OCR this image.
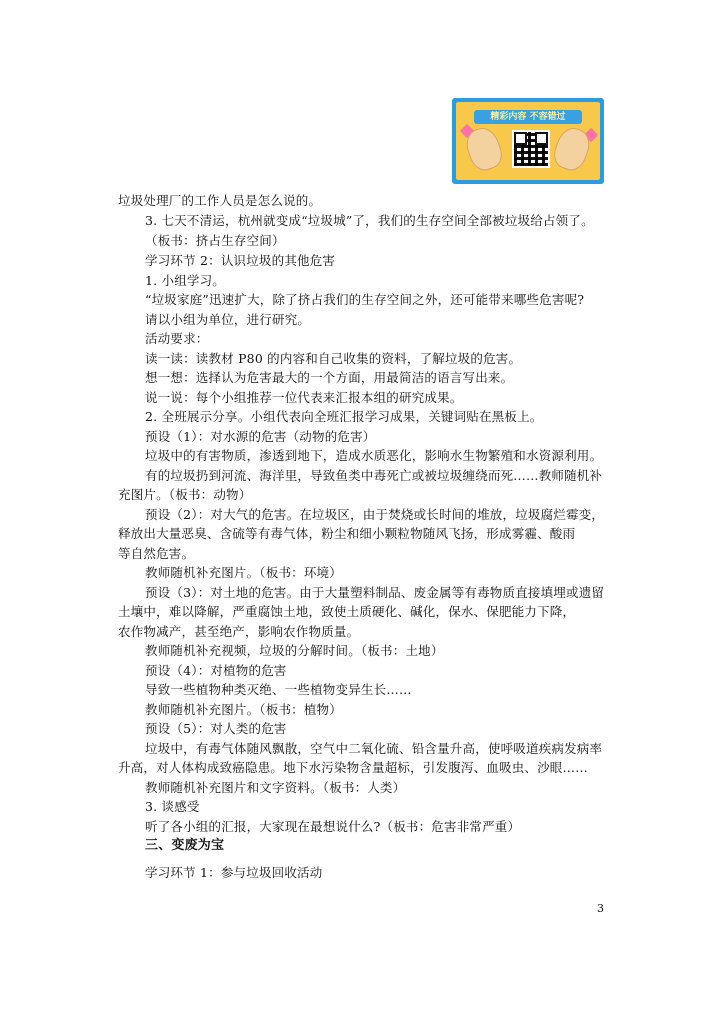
精彩内容 不容错过
垃圾处理厂的工作人员是怎么说的。
3. 七天不清运，杭州就变成“垃圾城”了，我们的生存空间全部被垃圾给占领了。
（板书：挤占生存空间）
学习环节 2：认识垃圾的其他危害
1. 小组学习。
“垃圾家庭”迅速扩大，除了挤占我们的生存空间之外，还可能带来哪些危害呢?
请以小组为单位，进行研究。
活动要求：
读一读：读教材 P80 的内容和自己收集的资料，了解垃圾的危害。
想一想：选择认为危害最大的一个方面，用最简洁的语言写出来。
说一说：每个小组推荐一位代表来汇报本组的研究成果。
2. 全班展示分享。小组代表向全班汇报学习成果，关键词贴在黑板上。
预设（1）：对水源的危害（动物的危害）
垃圾中的有害物质，渗透到地下，造成水质恶化，影响水生物繁殖和水资源利用。
有的垃圾扔到河流、海洋里，导致鱼类中毒死亡或被垃圾缠绕而死……教师随机补
充图片。（板书：动物）
预设（2）：对大气的危害。在垃圾区，由于焚烧或长时间的堆放，垃圾腐烂霉变，
释放出大量恶臭、含硫等有毒气体，粉尘和细小颗粒物随风飞扬，形成雾霾、酸雨
等自然危害。
教师随机补充图片。（板书：环境）
预设（3）：对土地的危害。由于大量塑料制品、废金属等有毒物质直接填埋或遗留
土壤中，难以降解，严重腐蚀土地，致使土质硬化、碱化，保水、保肥能力下降，
农作物减产，甚至绝产，影响农作物质量。
教师随机补充视频，垃圾的分解时间。（板书：土地）
预设（4）：对植物的危害
导致一些植物种类灭绝、一些植物变异生长……
教师随机补充图片。（板书：植物）
预设（5）：对人类的危害
垃圾中，有毒气体随风飘散，空气中二氧化硫、铅含量升高，使呼吸道疾病发病率
升高，对人体构成致癌隐患。地下水污染物含量超标，引发腹泻、血吸虫、沙眼……
教师随机补充图片和文字资料。（板书：人类）
3. 谈感受
听了各小组的汇报，大家现在最想说什么?（板书：危害非常严重）
三、变废为宝
学习环节 1：参与垃圾回收活动
3
